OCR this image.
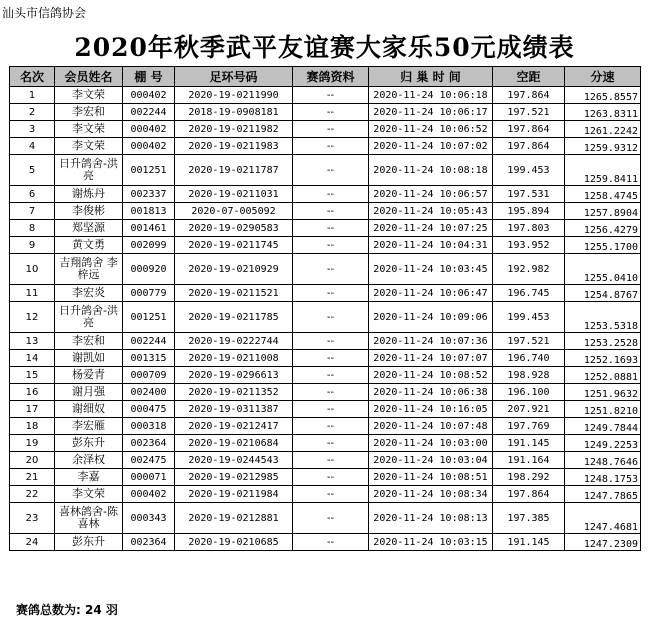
汕头市信鸽协会
2020年秋季武平友谊赛大家乐50元成绩表
名次	会员姓名	棚 号	足环号码	赛鸽资料	归 巢 时 间	空距	分速
1	李文荣	000402	2020-19-0211990	--	2020-11-24 10:06:18	197.864	1265.8557
2	李宏和	002244	2018-19-0908181	--	2020-11-24 10:06:17	197.521	1263.8311
3	李文荣	000402	2020-19-0211982	--	2020-11-24 10:06:52	197.864	1261.2242
4	李文荣	000402	2020-19-0211983	--	2020-11-24 10:07:02	197.864	1259.9312
5	日升鸽舍-洪亮	001251	2020-19-0211787	--	2020-11-24 10:08:18	199.453	1259.8411
6	谢炼丹	002337	2020-19-0211031	--	2020-11-24 10:06:57	197.531	1258.4745
7	李俊彬	001813	2020-07-005092	--	2020-11-24 10:05:43	195.894	1257.8904
8	郑坚源	001461	2020-19-0290583	--	2020-11-24 10:07:25	197.803	1256.4279
9	黄文勇	002099	2020-19-0211745	--	2020-11-24 10:04:31	193.952	1255.1700
10	吉翔鸽舍 李梓远	000920	2020-19-0210929	--	2020-11-24 10:03:45	192.982	1255.0410
11	李宏炎	000779	2020-19-0211521	--	2020-11-24 10:06:47	196.745	1254.8767
12	日升鸽舍-洪亮	001251	2020-19-0211785	--	2020-11-24 10:09:06	199.453	1253.5318
13	李宏和	002244	2020-19-0222744	--	2020-11-24 10:07:36	197.521	1253.2528
14	谢凯如	001315	2020-19-0211008	--	2020-11-24 10:07:07	196.740	1252.1693
15	杨爱青	000709	2020-19-0296613	--	2020-11-24 10:08:52	198.928	1252.0881
16	谢月强	002400	2020-19-0211352	--	2020-11-24 10:06:38	196.100	1251.9632
17	谢细奴	000475	2020-19-0311387	--	2020-11-24 10:16:05	207.921	1251.8210
18	李宏雁	000318	2020-19-0212417	--	2020-11-24 10:07:48	197.769	1249.7844
19	彭东升	002364	2020-19-0210684	--	2020-11-24 10:03:00	191.145	1249.2253
20	余泽权	002475	2020-19-0244543	--	2020-11-24 10:03:04	191.164	1248.7646
21	李嘉	000071	2020-19-0212985	--	2020-11-24 10:08:51	198.292	1248.1753
22	李文荣	000402	2020-19-0211984	--	2020-11-24 10:08:34	197.864	1247.7865
23	喜林鸽舍-陈喜林	000343	2020-19-0212881	--	2020-11-24 10:08:13	197.385	1247.4681
24	彭东升	002364	2020-19-0210685	--	2020-11-24 10:03:15	191.145	1247.2309
赛鸽总数为: 24 羽
